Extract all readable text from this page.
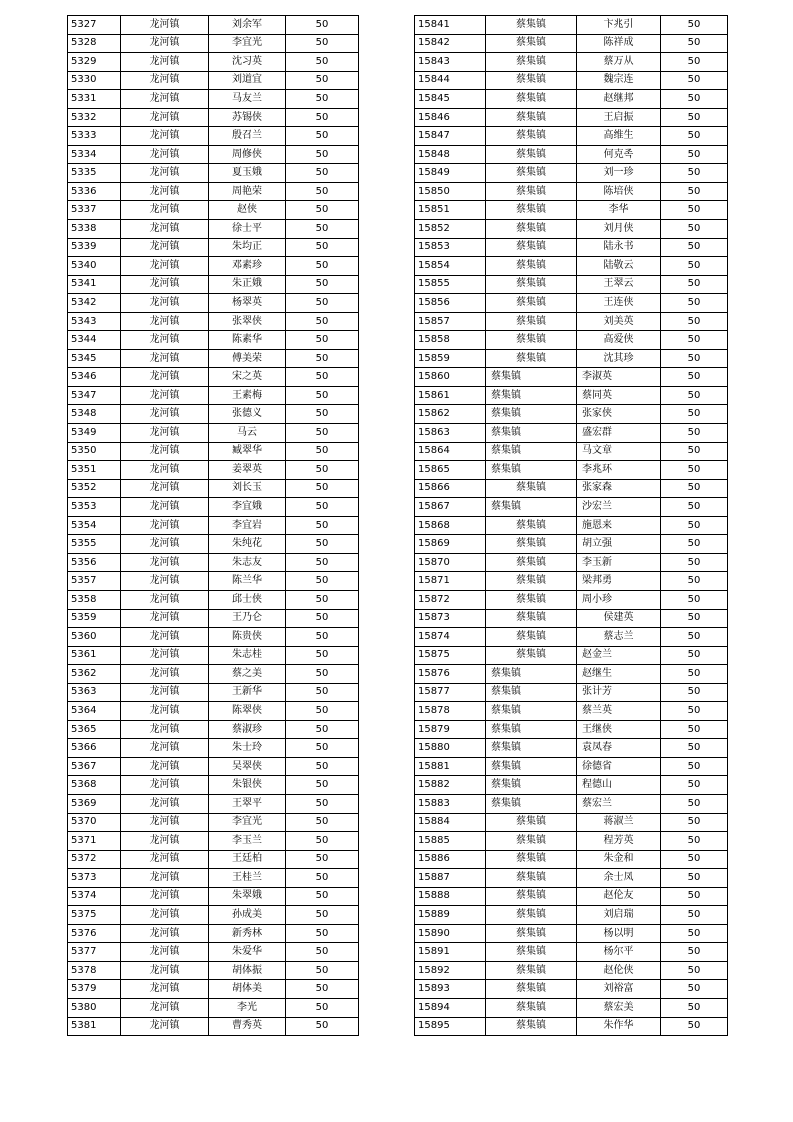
5327	龙河镇	刘余军	50
5328	龙河镇	李宜光	50
5329	龙河镇	沈习英	50
5330	龙河镇	刘道宜	50
5331	龙河镇	马友兰	50
5332	龙河镇	苏锡侠	50
5333	龙河镇	殷召兰	50
5334	龙河镇	周修侠	50
5335	龙河镇	夏玉娥	50
5336	龙河镇	周艳荣	50
5337	龙河镇	赵侠	50
5338	龙河镇	徐士平	50
5339	龙河镇	朱均正	50
5340	龙河镇	邓素珍	50
5341	龙河镇	朱正娥	50
5342	龙河镇	杨翠英	50
5343	龙河镇	张翠侠	50
5344	龙河镇	陈素华	50
5345	龙河镇	傅美荣	50
5346	龙河镇	宋之英	50
5347	龙河镇	王素梅	50
5348	龙河镇	张德义	50
5349	龙河镇	马云	50
5350	龙河镇	臧翠华	50
5351	龙河镇	姜翠英	50
5352	龙河镇	刘长玉	50
5353	龙河镇	李宜娥	50
5354	龙河镇	李宜岩	50
5355	龙河镇	朱纯花	50
5356	龙河镇	朱志友	50
5357	龙河镇	陈兰华	50
5358	龙河镇	邱士侠	50
5359	龙河镇	王乃仑	50
5360	龙河镇	陈贵侠	50
5361	龙河镇	朱志桂	50
5362	龙河镇	蔡之美	50
5363	龙河镇	王新华	50
5364	龙河镇	陈翠侠	50
5365	龙河镇	蔡淑珍	50
5366	龙河镇	朱士玲	50
5367	龙河镇	吴翠侠	50
5368	龙河镇	朱银侠	50
5369	龙河镇	王翠平	50
5370	龙河镇	李宜光	50
5371	龙河镇	李玉兰	50
5372	龙河镇	王廷柏	50
5373	龙河镇	王桂兰	50
5374	龙河镇	朱翠娥	50
5375	龙河镇	孙成美	50
5376	龙河镇	新秀林	50
5377	龙河镇	朱爱华	50
5378	龙河镇	胡体振	50
5379	龙河镇	胡体美	50
5380	龙河镇	李光	50
5381	龙河镇	曹秀英	50
15841	蔡集镇	卞兆引	50
15842	蔡集镇	陈祥成	50
15843	蔡集镇	蔡万从	50
15844	蔡集镇	魏宗连	50
15845	蔡集镇	赵继邦	50
15846	蔡集镇	王启振	50
15847	蔡集镇	高维生	50
15848	蔡集镇	何克족	50
15849	蔡集镇	刘一珍	50
15850	蔡集镇	陈培侠	50
15851	蔡集镇	李华	50
15852	蔡集镇	刘月侠	50
15853	蔡集镇	陆永书	50
15854	蔡集镇	陆敬云	50
15855	蔡集镇	王翠云	50
15856	蔡集镇	王连侠	50
15857	蔡集镇	刘美英	50
15858	蔡集镇	高爱侠	50
15859	蔡集镇	沈其珍	50
15860	蔡集镇	李淑英	50
15861	蔡集镇	蔡同英	50
15862	蔡集镇	张家侠	50
15863	蔡集镇	盛宏群	50
15864	蔡集镇	马文章	50
15865	蔡集镇	李兆环	50
15866	蔡集镇	张家森	50
15867	蔡集镇	沙宏兰	50
15868	蔡集镇	施恩来	50
15869	蔡集镇	胡立强	50
15870	蔡集镇	李玉新	50
15871	蔡集镇	梁邦勇	50
15872	蔡集镇	周小珍	50
15873	蔡集镇	侯建英	50
15874	蔡集镇	蔡志兰	50
15875	蔡集镇	赵金兰	50
15876	蔡集镇	赵继生	50
15877	蔡集镇	张计芳	50
15878	蔡集镇	蔡兰英	50
15879	蔡集镇	王继侠	50
15880	蔡集镇	袁凤春	50
15881	蔡集镇	徐德省	50
15882	蔡集镇	程德山	50
15883	蔡集镇	蔡宏兰	50
15884	蔡集镇	蒋淑兰	50
15885	蔡集镇	程芳英	50
15886	蔡集镇	朱金和	50
15887	蔡集镇	余士凤	50
15888	蔡集镇	赵伦友	50
15889	蔡集镇	刘启瑞	50
15890	蔡集镇	杨以明	50
15891	蔡集镇	杨尔平	50
15892	蔡集镇	赵伦侠	50
15893	蔡集镇	刘裕富	50
15894	蔡集镇	蔡宏美	50
15895	蔡集镇	朱作华	50
